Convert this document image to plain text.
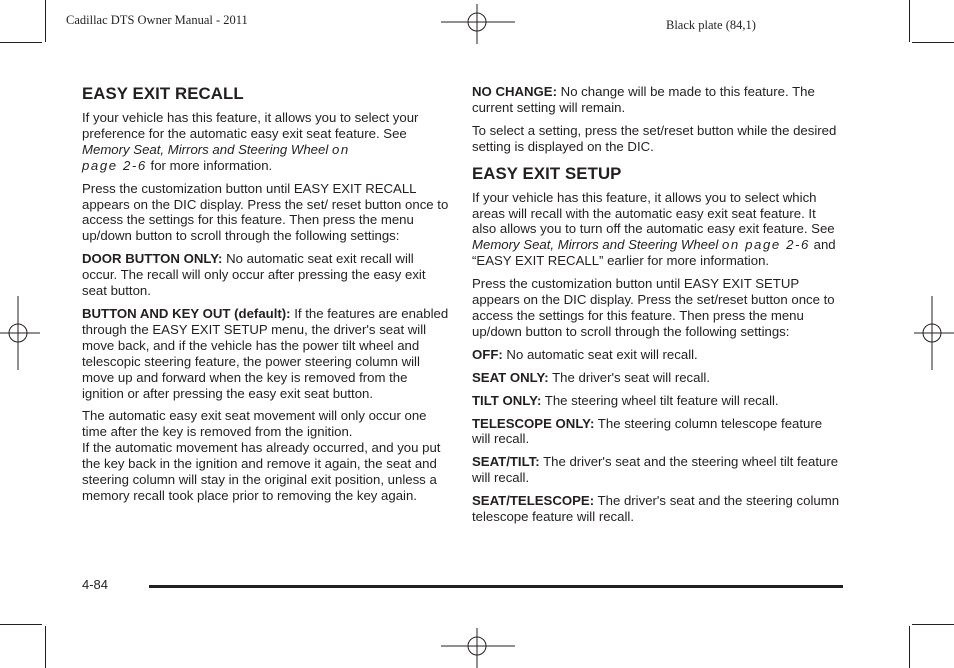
Cadillac DTS Owner Manual - 2011	Black plate (84,1)
EASY EXIT RECALL

If your vehicle has this feature, it allows you to select your preference for the automatic easy exit seat feature. See Memory Seat, Mirrors and Steering Wheel on
page 2-6 for more information.

Press the customization button until EASY EXIT RECALL appears on the DIC display. Press the set/ reset button once to access the settings for this feature. Then press the menu up/down button to scroll through the following settings:

DOOR BUTTON ONLY: No automatic seat exit recall will occur. The recall will only occur after pressing the easy exit seat button.

BUTTON AND KEY OUT (default): If the features are enabled through the EASY EXIT SETUP menu, the driver's seat will move back, and if the vehicle has the power tilt wheel and telescopic steering feature, the power steering column will move up and forward when the key is removed from the ignition or after pressing the easy exit seat button.

The automatic easy exit seat movement will only occur one time after the key is removed from the ignition.

If the automatic movement has already occurred, and you put the key back in the ignition and remove it again, the seat and steering column will stay in the original exit position, unless a memory recall took place prior to removing the key again.

NO CHANGE: No change will be made to this feature. The current setting will remain.

To select a setting, press the set/reset button while the desired setting is displayed on the DIC.

EASY EXIT SETUP

If your vehicle has this feature, it allows you to select which areas will recall with the automatic easy exit seat feature. It also allows you to turn off the automatic easy exit feature. See Memory Seat, Mirrors and Steering Wheel on page 2-6 and “EASY EXIT RECALL” earlier for more information.

Press the customization button until EASY EXIT SETUP appears on the DIC display. Press the set/reset button once to access the settings for this feature. Then press the menu up/down button to scroll through the following settings:

OFF: No automatic seat exit will recall.

SEAT ONLY: The driver's seat will recall.

TILT ONLY: The steering wheel tilt feature will recall.

TELESCOPE ONLY: The steering column telescope feature will recall.

SEAT/TILT: The driver's seat and the steering wheel tilt feature will recall.

SEAT/TELESCOPE: The driver's seat and the steering column telescope feature will recall.

4-84
